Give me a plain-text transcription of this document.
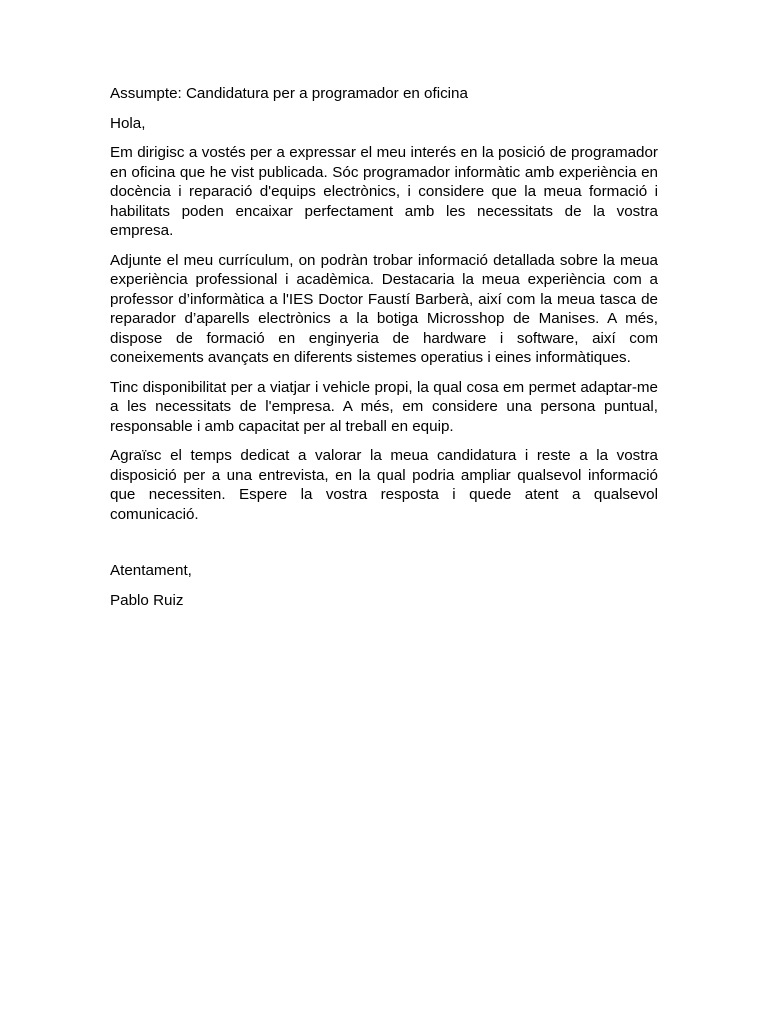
Assumpte: Candidatura per a programador en oficina

Hola,

Em dirigisc a vostés per a expressar el meu interés en la posició de programador en oficina que he vist publicada. Sóc programador informàtic amb experiència en docència i reparació d'equips electrònics, i considere que la meua formació i habilitats poden encaixar perfectament amb les necessitats de la vostra empresa.

Adjunte el meu currículum, on podràn trobar informació detallada sobre la meua experiència professional i acadèmica. Destacaria la meua experiència com a professor d’informàtica a l'IES Doctor Faustí Barberà, així com la meua tasca de reparador d’aparells electrònics a la botiga Microsshop de Manises. A més, dispose de formació en enginyeria de hardware i software, així com coneixements avançats en diferents sistemes operatius i eines informàtiques.

Tinc disponibilitat per a viatjar i vehicle propi, la qual cosa em permet adaptar-me a les necessitats de l'empresa. A més, em considere una persona puntual, responsable i amb capacitat per al treball en equip.

Agraïsc el temps dedicat a valorar la meua candidatura i reste a la vostra disposició per a una entrevista, en la qual podria ampliar qualsevol informació que necessiten. Espere la vostra resposta i quede atent a qualsevol comunicació.

Atentament,

Pablo Ruiz
